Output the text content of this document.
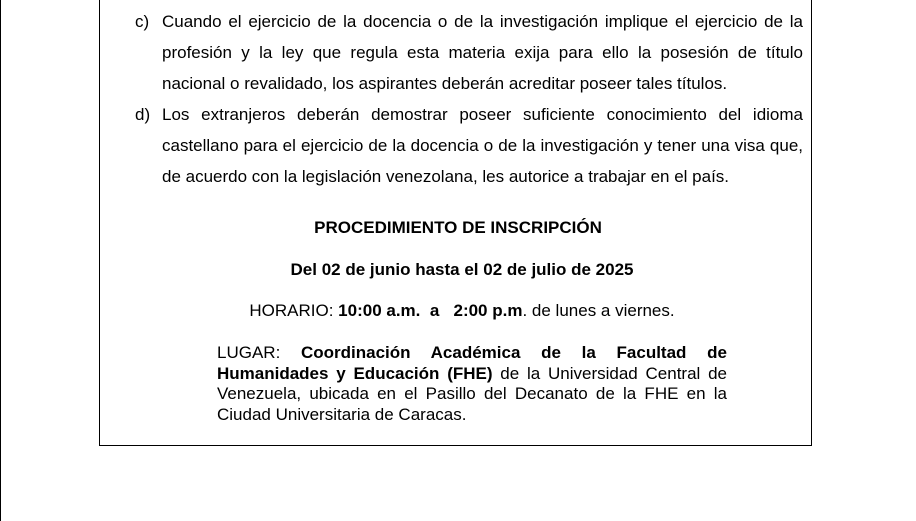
c) Cuando el ejercicio de la docencia o de la investigación implique el ejercicio de la profesión y la ley que regula esta materia exija para ello la posesión de título nacional o revalidado, los aspirantes deberán acreditar poseer tales títulos.
d) Los extranjeros deberán demostrar poseer suficiente conocimiento del idioma castellano para el ejercicio de la docencia o de la investigación y tener una visa que, de acuerdo con la legislación venezolana, les autorice a trabajar en el país.
PROCEDIMIENTO DE INSCRIPCIÓN
Del 02 de junio hasta el 02 de julio de 2025
HORARIO: 10:00 a.m.  a   2:00 p.m. de lunes a viernes.
LUGAR: Coordinación Académica de la Facultad de Humanidades y Educación (FHE) de la Universidad Central de Venezuela, ubicada en el Pasillo del Decanato de la FHE en la Ciudad Universitaria de Caracas.
